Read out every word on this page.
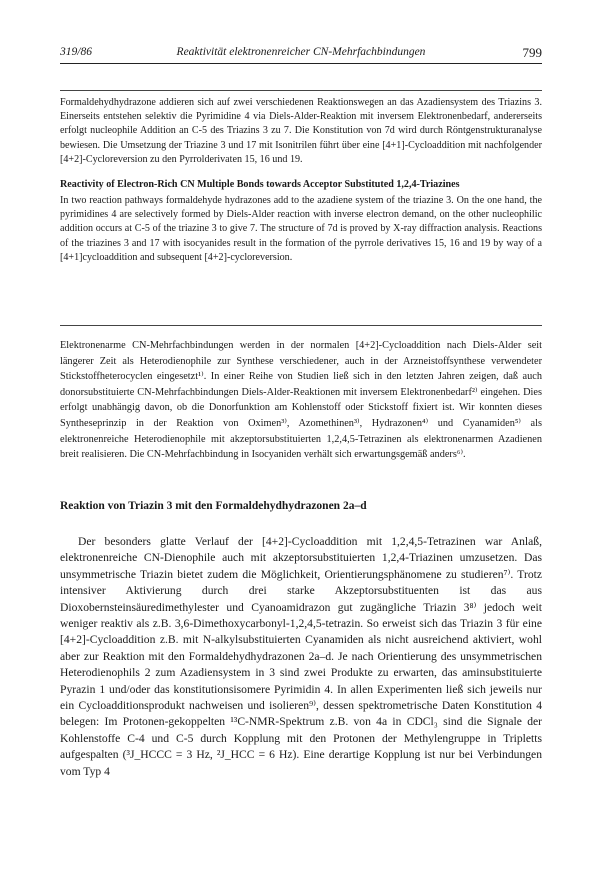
319/86	Reaktivität elektronenreicher CN-Mehrfachbindungen	799

Formaldehydhydrazone addieren sich auf zwei verschiedenen Reaktionswegen an das Azadiensystem des Triazins 3. Einerseits entstehen selektiv die Pyrimidine 4 via Diels-Alder-Reaktion mit inversem Elektronenbedarf, andererseits erfolgt nucleophile Addition an C-5 des Triazins 3 zu 7. Die Konstitution von 7d wird durch Röntgenstrukturanalyse bewiesen. Die Umsetzung der Triazine 3 und 17 mit Isonitrilen führt über eine [4+1]-Cycloaddition mit nachfolgender [4+2]-Cycloreversion zu den Pyrrolderivaten 15, 16 und 19.

Reactivity of Electron-Rich CN Multiple Bonds towards Acceptor Substituted 1,2,4-Triazines

In two reaction pathways formaldehyde hydrazones add to the azadiene system of the triazine 3. On the one hand, the pyrimidines 4 are selectively formed by Diels-Alder reaction with inverse electron demand, on the other nucleophilic addition occurs at C-5 of the triazine 3 to give 7. The structure of 7d is proved by X-ray diffraction analysis. Reactions of the triazines 3 and 17 with isocyanides result in the formation of the pyrrole derivatives 15, 16 and 19 by way of a [4+1]cycloaddition and subsequent [4+2]-cycloreversion.

Elektronenarme CN-Mehrfachbindungen werden in der normalen [4+2]-Cycloaddition nach Diels-Alder seit längerer Zeit als Heterodienophile zur Synthese verschiedener, auch in der Arzneistoffsynthese verwendeter Stickstoffheterocyclen eingesetzt¹⁾. In einer Reihe von Studien ließ sich in den letzten Jahren zeigen, daß auch donorsubstituierte CN-Mehrfachbindungen Diels-Alder-Reaktionen mit inversem Elektronenbedarf²⁾ eingehen. Dies erfolgt unabhängig davon, ob die Donorfunktion am Kohlenstoff oder Stickstoff fixiert ist. Wir konnten dieses Syntheseprinzip in der Reaktion von Oximen³⁾, Azomethinen³⁾, Hydrazonen⁴⁾ und Cyanamiden⁵⁾ als elektronenreiche Heterodienophile mit akzeptorsubstituierten 1,2,4,5-Tetrazinen als elektronenarmen Azadienen breit realisieren. Die CN-Mehrfachbindung in Isocyaniden verhält sich erwartungsgemäß anders⁶⁾.

Reaktion von Triazin 3 mit den Formaldehydhydrazonen 2a–d

Der besonders glatte Verlauf der [4+2]-Cycloaddition mit 1,2,4,5-Tetrazinen war Anlaß, elektronenreiche CN-Dienophile auch mit akzeptorsubstituierten 1,2,4-Triazinen umzusetzen. Das unsymmetrische Triazin bietet zudem die Möglichkeit, Orientierungsphänomene zu studieren⁷⁾. Trotz intensiver Aktivierung durch drei starke Akzeptorsubstituenten ist das aus Dioxobernsteinsäuredimethylester und Cyanoamidrazon gut zugängliche Triazin 3⁸⁾ jedoch weit weniger reaktiv als z.B. 3,6-Dimethoxycarbonyl-1,2,4,5-tetrazin. So erweist sich das Triazin 3 für eine [4+2]-Cycloaddition z.B. mit N-alkylsubstituierten Cyanamiden als nicht ausreichend aktiviert, wohl aber zur Reaktion mit den Formaldehydhydrazonen 2a–d. Je nach Orientierung des unsymmetrischen Heterodienophils 2 zum Azadiensystem in 3 sind zwei Produkte zu erwarten, das aminsubstituierte Pyrazin 1 und/oder das konstitutionsisomere Pyrimidin 4. In allen Experimenten ließ sich jeweils nur ein Cycloadditionsprodukt nachweisen und isolieren⁹⁾, dessen spektrometrische Daten Konstitution 4 belegen: Im Protonen-gekoppelten ¹³C-NMR-Spektrum z.B. von 4a in CDCl₃ sind die Signale der Kohlenstoffe C-4 und C-5 durch Kopplung mit den Protonen der Methylengruppe in Tripletts aufgespalten (³J_HCCC = 3 Hz, ²J_HCC = 6 Hz). Eine derartige Kopplung ist nur bei Verbindungen vom Typ 4
